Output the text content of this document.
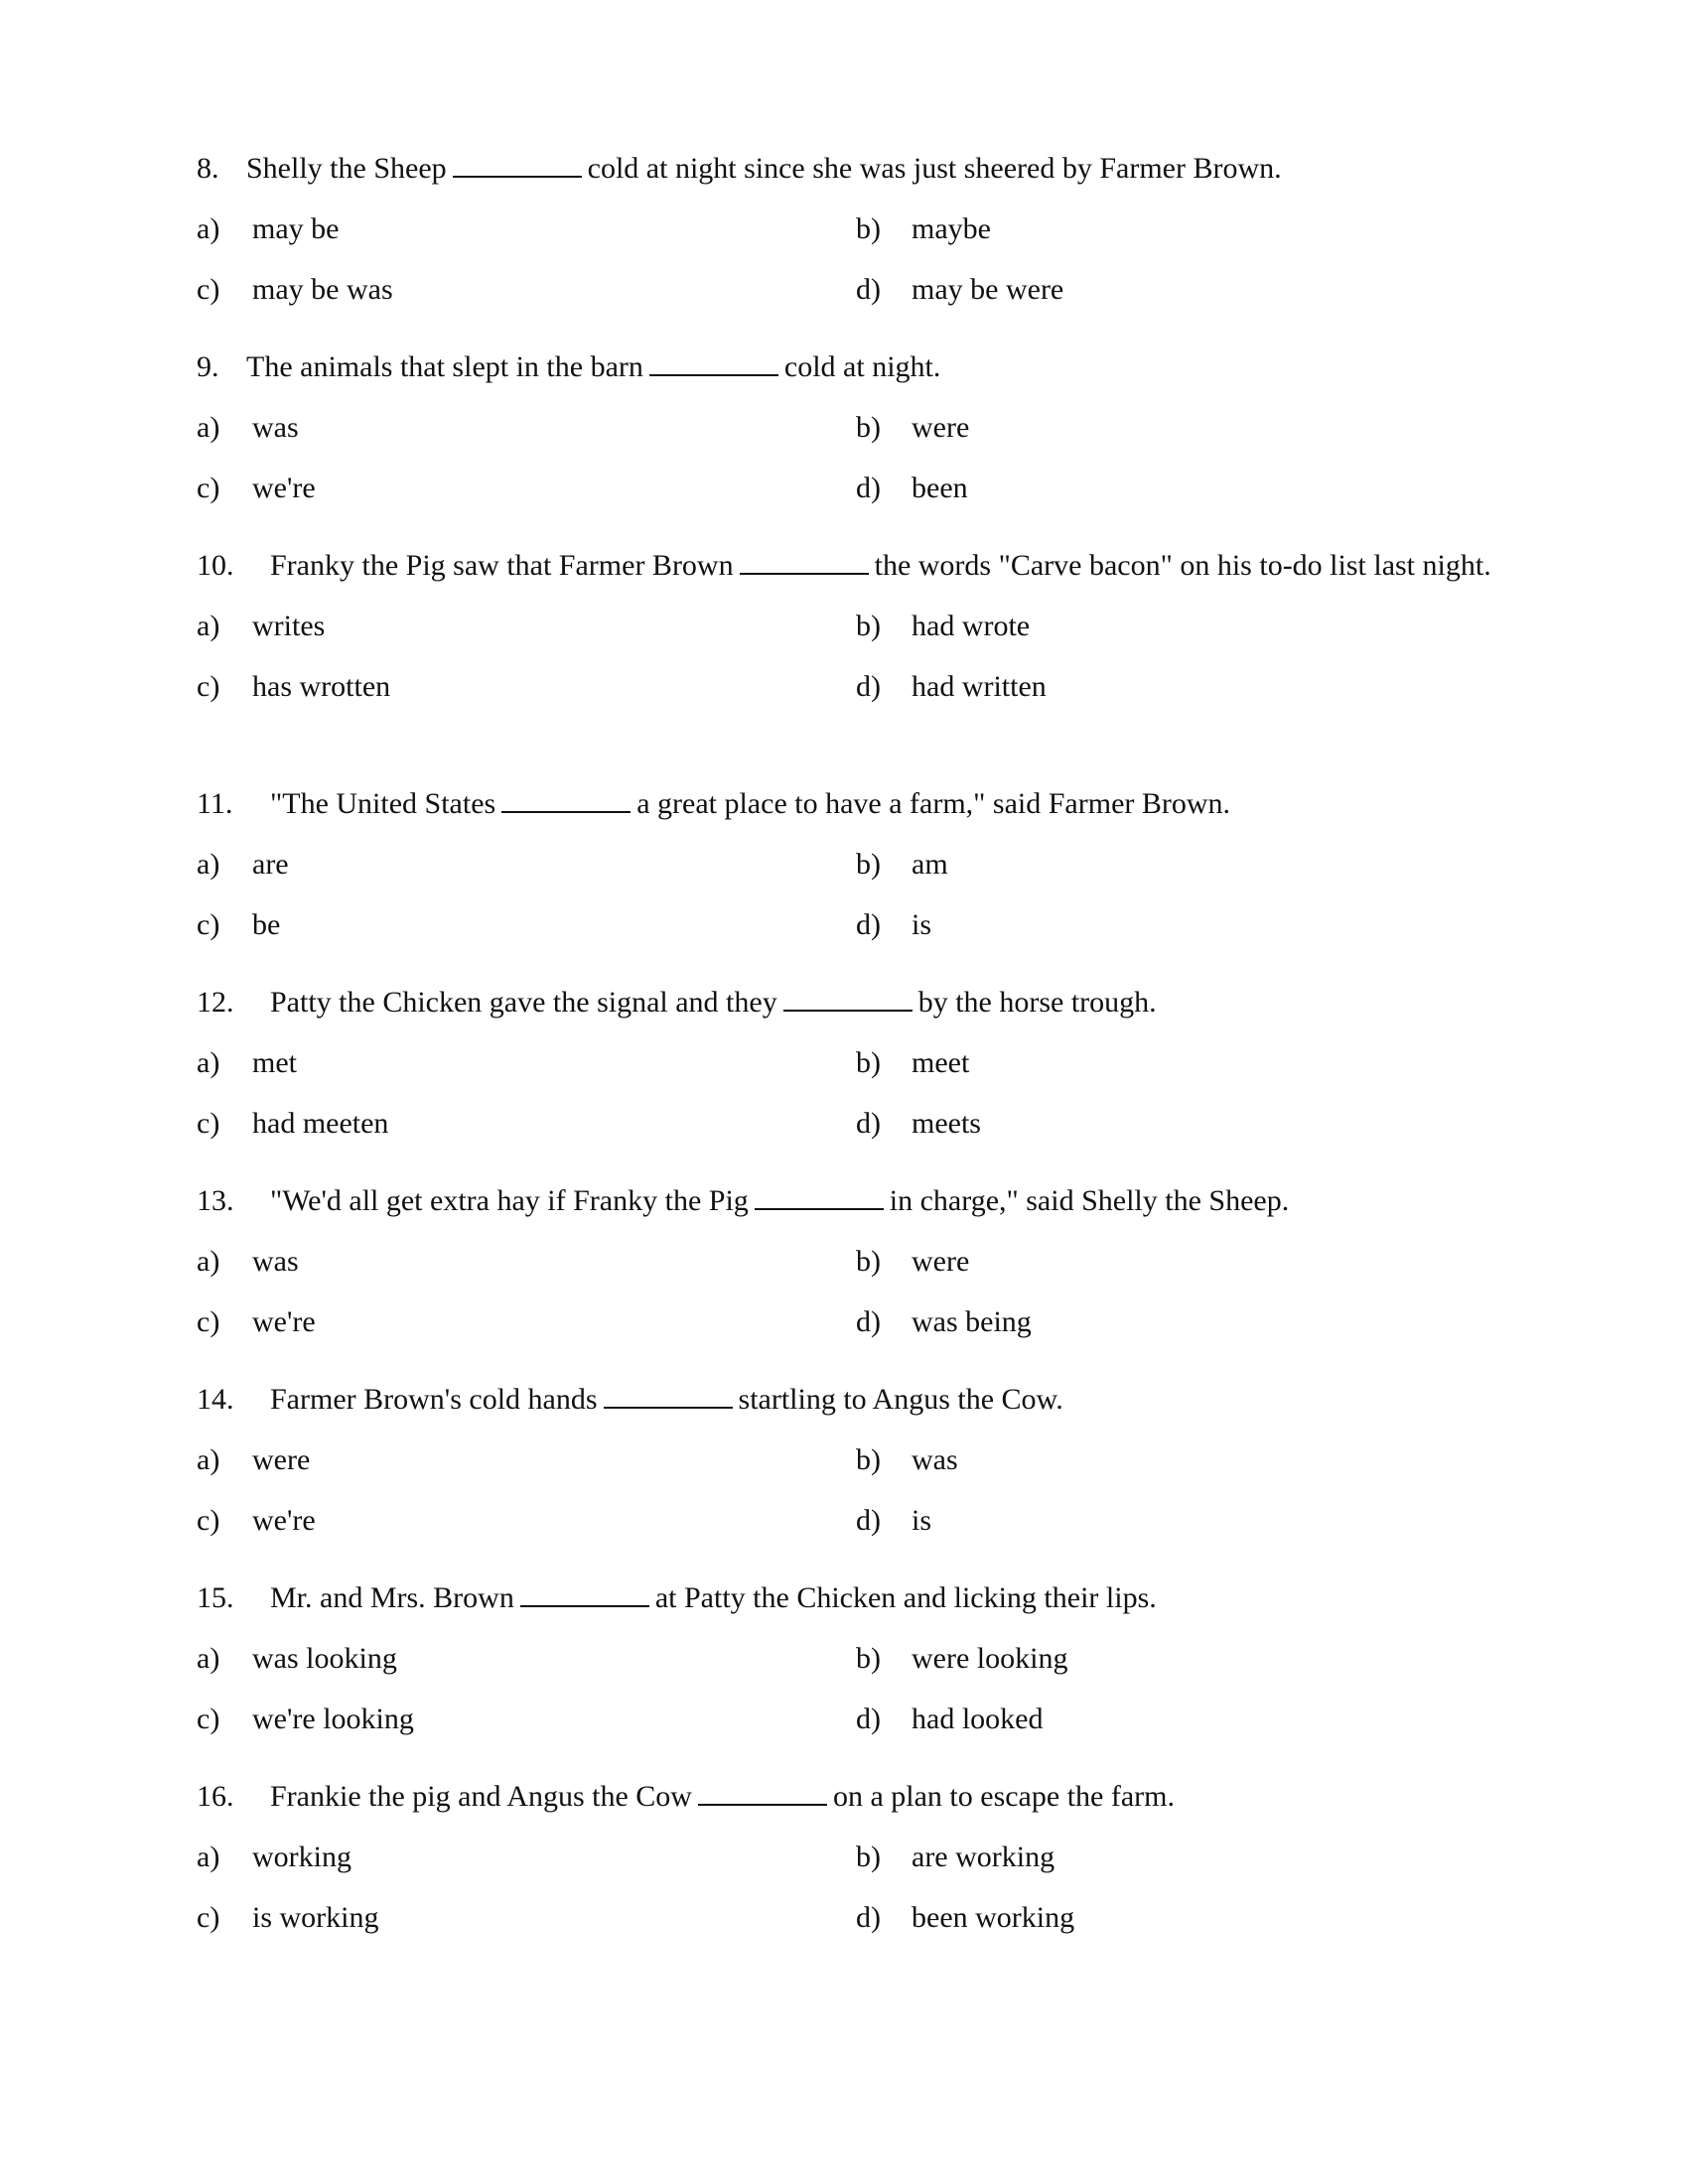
8. Shelly the Sheep	cold at night since she was just sheered by Farmer Brown.
a) may be	b) maybe
c) may be was	d) may be were
9. The animals that slept in the barn	cold at night.
a) was	b) were
c) we're	d) been
10.	Franky the Pig saw that Farmer Brown	the words "Carve bacon" on his to-do list last night.
a) writes	b) had wrote
c) has wrotten	d) had written
11.	"The United States	a great place to have a farm," said Farmer Brown.
a) are	b) am
c) be	d) is
12.	Patty the Chicken gave the signal and they	by the horse trough.
a) met	b) meet
c) had meeten	d) meets
13.	"We'd all get extra hay if Franky the Pig	in charge," said Shelly the Sheep.
a) was	b) were
c) we're	d) was being
14.	Farmer Brown's cold hands	startling to Angus the Cow.
a) were	b) was
c) we're	d) is
15.	Mr. and Mrs. Brown	at Patty the Chicken and licking their lips.
a) was looking	b) were looking
c) we're looking	d) had looked
16.	Frankie the pig and Angus the Cow	on a plan to escape the farm.
a) working	b) are working
c) is working	d) been working
